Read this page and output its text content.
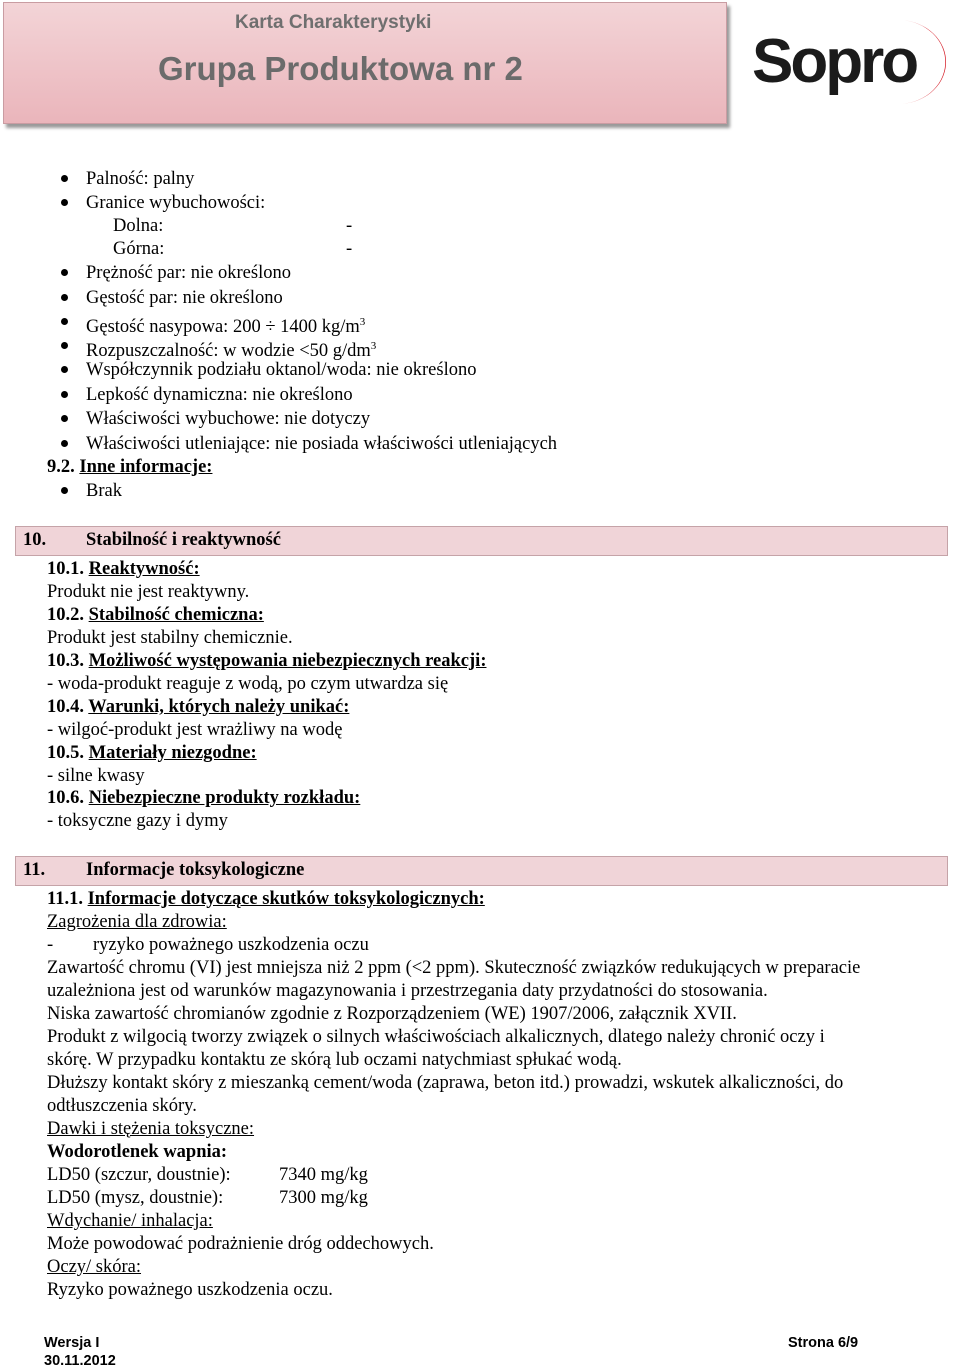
Karta Charakterystyki
Grupa Produktowa nr 2	Sopro
Palność: palny
Granice wybuchowości:
Dolna:	-
Górna:	-
Prężność par: nie określono
Gęstość par: nie określono
Gęstość nasypowa: 200 ÷ 1400 $kg/m^3$
Rozpuszczalność: w wodzie <50 $g/dm^3$
Współczynnik podziału oktanol/woda: nie określono
Lepkość dynamiczna: nie określono
Właściwości wybuchowe: nie dotyczy
Właściwości utleniające: nie posiada właściwości utleniających
9.2. Inne informacje:
Brak
10. Stabilność i reaktywność
10.1. Reaktywność:
Produkt nie jest reaktywny.
10.2. Stabilność chemiczna:
Produkt jest stabilny chemicznie.
10.3. Możliwość występowania niebezpiecznych reakcji:
- woda-produkt reaguje z wodą, po czym utwardza się
10.4. Warunki, których należy unikać:
- wilgoć-produkt jest wrażliwy na wodę
10.5. Materiały niezgodne:
- silne kwasy
10.6. Niebezpieczne produkty rozkładu:
- toksyczne gazy i dymy
11. Informacje toksykologiczne
11.1. Informacje dotyczące skutków toksykologicznych:
Zagrożenia dla zdrowia:
- ryzyko poważnego uszkodzenia oczu
Zawartość chromu (VI) jest mniejsza niż 2 ppm (<2 ppm). Skuteczność związków redukujących w preparacie
uzależniona jest od warunków magazynowania i przestrzegania daty przydatności do stosowania.
Niska zawartość chromianów zgodnie z Rozporządzeniem (WE) 1907/2006, załącznik XVII.
Produkt z wilgocią tworzy związek o silnych właściwościach alkalicznych, dlatego należy chronić oczy i
skórę. W przypadku kontaktu ze skórą lub oczami natychmiast spłukać wodą.
Dłuższy kontakt skóry z mieszanką cement/woda (zaprawa, beton itd.) prowadzi, wskutek alkaliczności, do
odtłuszczenia skóry.
Dawki i stężenia toksyczne:
Wodorotlenek wapnia:
LD50 (szczur, doustnie):	7340 mg/kg
LD50 (mysz, doustnie):	7300 mg/kg
Wdychanie/ inhalacja:
Może powodować podrażnienie dróg oddechowych.
Oczy/ skóra:
Ryzyko poważnego uszkodzenia oczu.
Wersja I
30.11.2012
Strona 6/9
